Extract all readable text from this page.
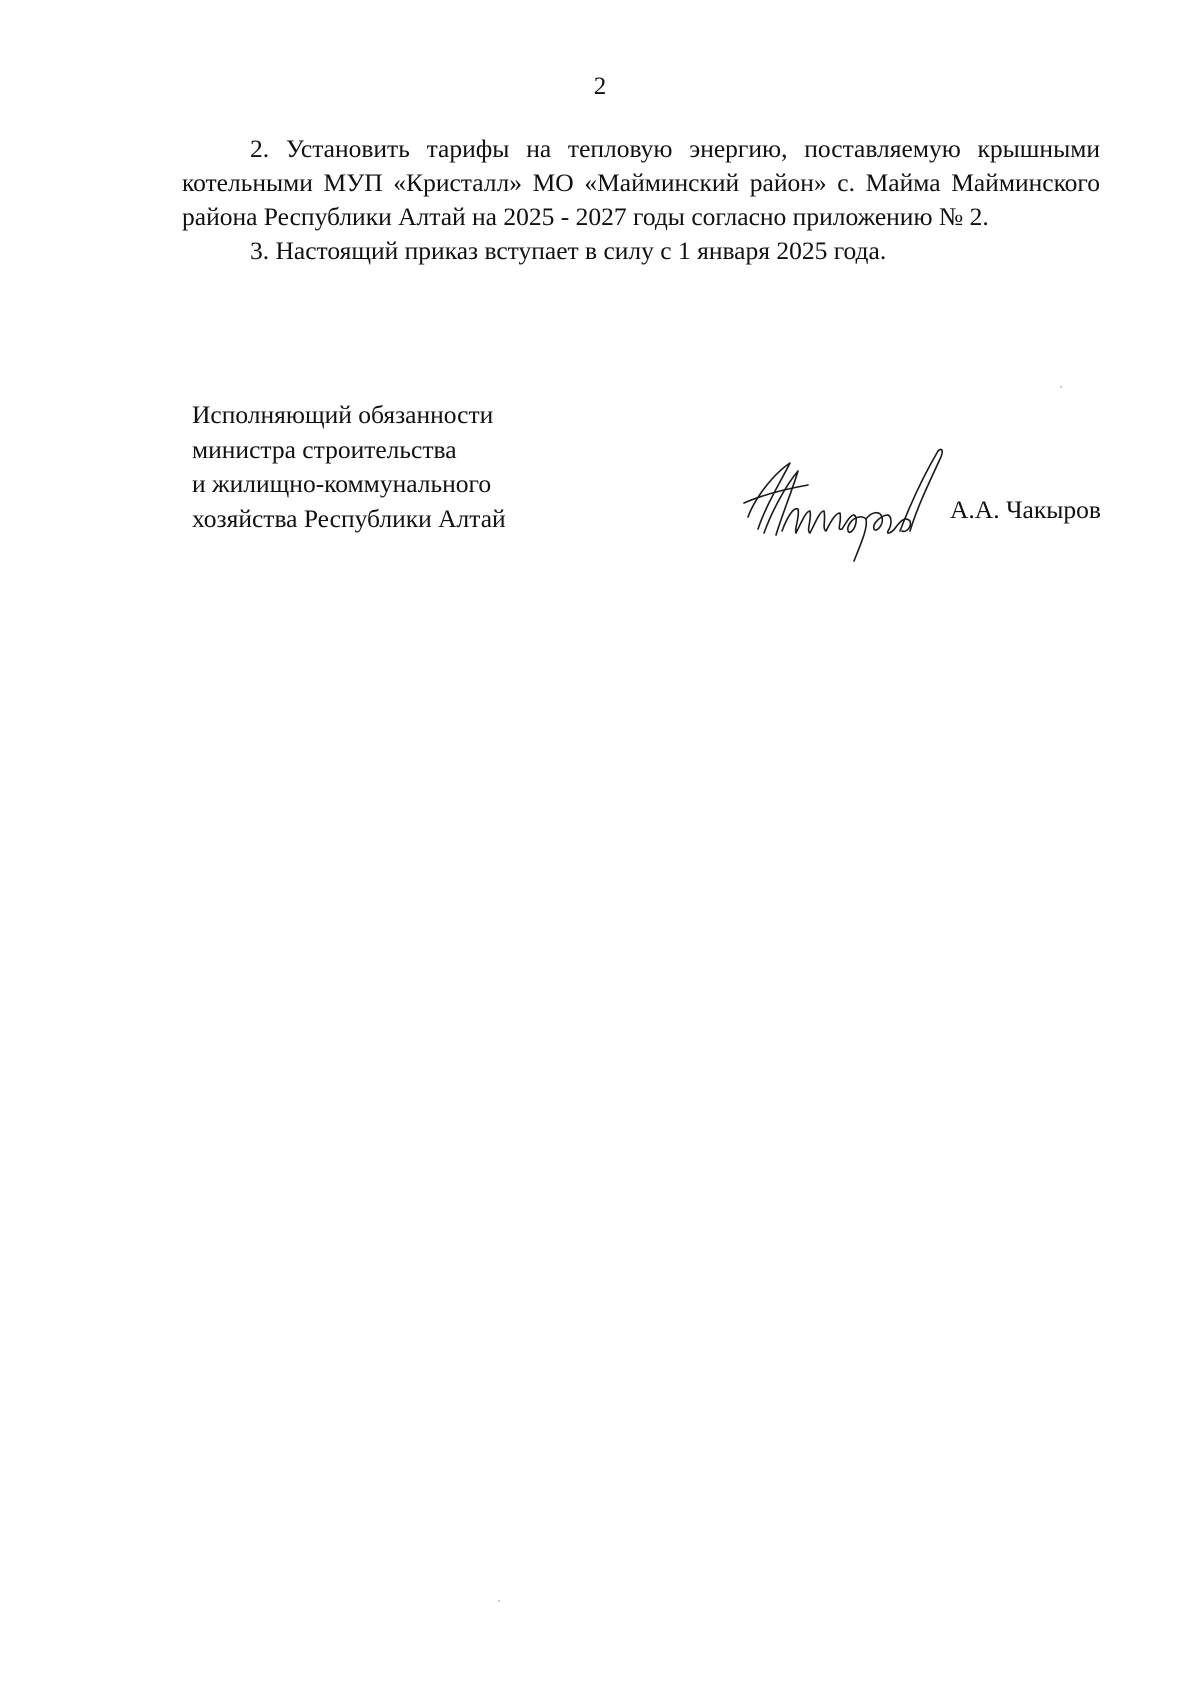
2

2. Установить тарифы на тепловую энергию, поставляемую крышными котельными МУП «Кристалл» МО «Майминский район» с. Майма Майминского района Республики Алтай на 2025 - 2027 годы согласно приложению № 2.

3. Настоящий приказ вступает в силу с 1 января 2025 года.

Исполняющий обязанности
министра строительства
и жилищно-коммунального
хозяйства Республики Алтай	А.А. Чакыров
